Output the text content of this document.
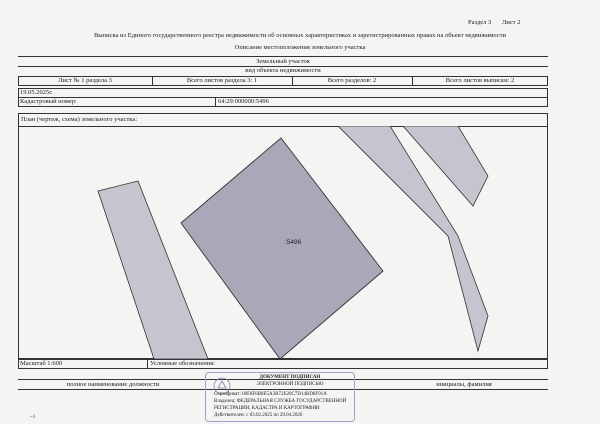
Раздел 3 Лист 2
Выписка из Единого государственного реестра недвижимости об основных характеристиках и зарегистрированных правах на объект недвижимости
Описание местоположения земельного участка
Земельный участок
вид объекта недвижимости
Лист № 1 раздела 3	Всего листов раздела 3: 1	Всего разделов: 2	Всего листов выписки: 2
19.05.2025г.
Кадастровый номер:	64:29:000000:5496
План (чертеж, схема) земельного участка:
:5496
Масштаб 1:600	Условные обозначения:
полное наименование должности	инициалы, фамилия
ДОКУМЕНТ ПОДПИСАН
ЭЛЕКТРОННОЙ ПОДПИСЬЮ
Сертификат: 00F8F6B8E5A3B72E20C7D14BD8F91A
Владелец: ФЕДЕРАЛЬНАЯ СЛУЖБА ГОСУДАРСТВЕННОЙ
РЕГИСТРАЦИИ, КАДАСТРА И КАРТОГРАФИИ
Действителен: с 03.02.2025 по 29.04.2026
~1
